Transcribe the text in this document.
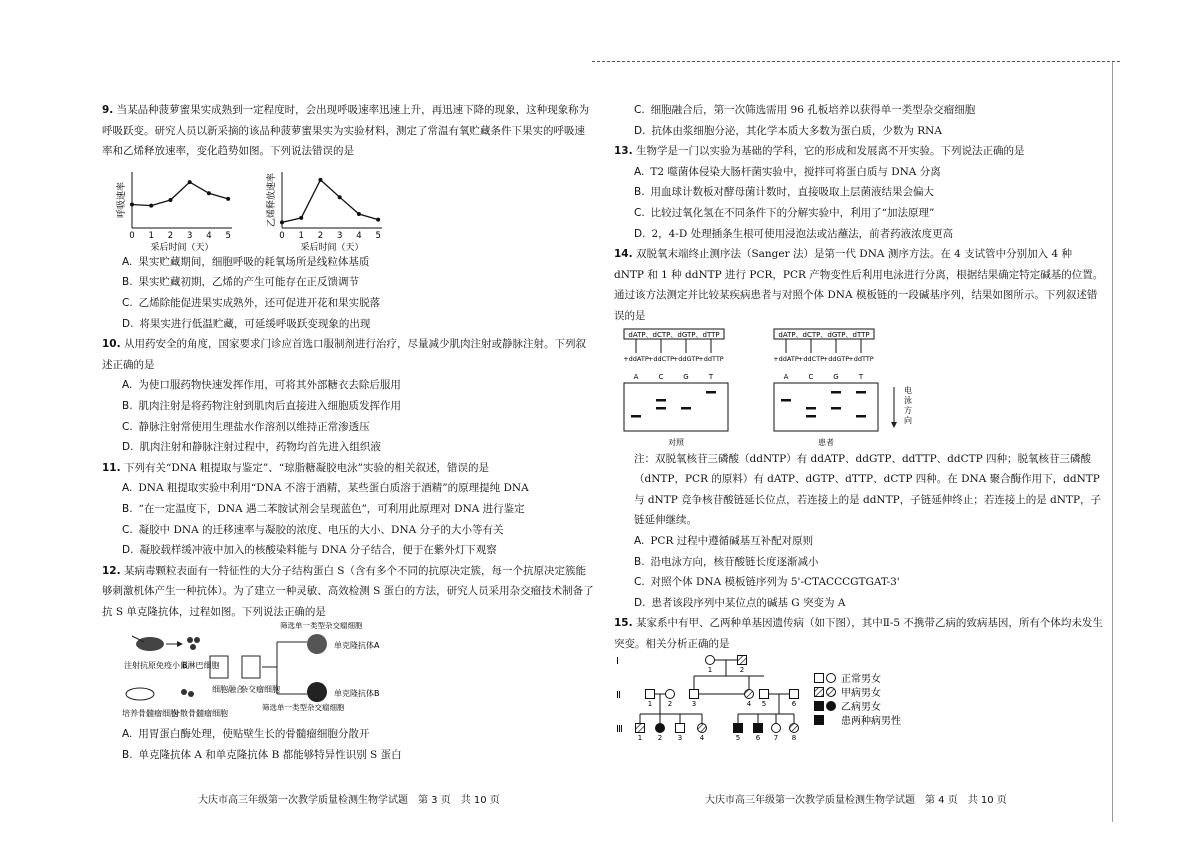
9. 当某品种菠萝蜜果实成熟到一定程度时，会出现呼吸速率迅速上升，再迅速下降的现象，这种现象称为呼吸跃变。研究人员以新采摘的该品种菠萝蜜果实为实验材料，测定了常温有氧贮藏条件下果实的呼吸速率和乙烯释放速率，变化趋势如图。下列说法错误的是
呼吸速率
0 1 2 3 4 5
采后时间（天）
乙烯释放速率
0 1 2 3 4 5
采后时间（天）

A. 果实贮藏期间，细胞呼吸的耗氧场所是线粒体基质

B. 果实贮藏初期，乙烯的产生可能存在正反馈调节

C. 乙烯除能促进果实成熟外，还可促进开花和果实脱落

D. 将果实进行低温贮藏，可延缓呼吸跃变现象的出现

10. 从用药安全的角度，国家要求门诊应首选口服制剂进行治疗，尽量减少肌肉注射或静脉注射。下列叙述正确的是

A. 为使口服药物快速发挥作用，可将其外部糖衣去除后服用

B. 肌肉注射是将药物注射到肌肉后直接进入细胞质发挥作用

C. 静脉注射常使用生理盐水作溶剂以维持正常渗透压

D. 肌肉注射和静脉注射过程中，药物均首先进入组织液

11. 下列有关“DNA 粗提取与鉴定”、“琼脂糖凝胶电泳”实验的相关叙述，错误的是

A. DNA 粗提取实验中利用“DNA 不溶于酒精，某些蛋白质溶于酒精”的原理提纯 DNA

B. “在一定温度下，DNA 遇二苯胺试剂会呈现蓝色”，可利用此原理对 DNA 进行鉴定

C. 凝胶中 DNA 的迁移速率与凝胶的浓度、电压的大小、DNA 分子的大小等有关

D. 凝胶载样缓冲液中加入的核酸染料能与 DNA 分子结合，便于在紫外灯下观察

12. 某病毒颗粒表面有一特征性的大分子结构蛋白 S（含有多个不同的抗原决定簇，每一个抗原决定簇能够刺激机体产生一种抗体）。为了建立一种灵敏、高效检测 S 蛋白的方法，研究人员采用杂交瘤技术制备了抗 S 单克隆抗体，过程如图。下列说法正确的是
注射抗原免疫小鼠
B淋巴细胞
培养骨髓瘤细胞
分散骨髓瘤细胞
细胞融合
杂交瘤细胞
筛选单一类型杂交瘤细胞
筛选单一类型杂交瘤细胞
单克隆抗体A
单克隆抗体B

A. 用胃蛋白酶处理，使贴壁生长的骨髓瘤细胞分散开

B. 单克隆抗体 A 和单克隆抗体 B 都能够特异性识别 S 蛋白

C. 细胞融合后，第一次筛选需用 96 孔板培养以获得单一类型杂交瘤细胞

D. 抗体由浆细胞分泌，其化学本质大多数为蛋白质，少数为 RNA

13. 生物学是一门以实验为基础的学科，它的形成和发展离不开实验。下列说法正确的是

A. T2 噬菌体侵染大肠杆菌实验中，搅拌可将蛋白质与 DNA 分离

B. 用血球计数板对酵母菌计数时，直接吸取上层菌液结果会偏大

C. 比较过氧化氢在不同条件下的分解实验中，利用了“加法原理”

D. 2，4-D 处理插条生根可使用浸泡法或沾蘸法，前者药液浓度更高

14. 双脱氧末端终止测序法（Sanger 法）是第一代 DNA 测序方法。在 4 支试管中分别加入 4 种 dNTP 和 1 种 ddNTP 进行 PCR，PCR 产物变性后利用电泳进行分离，根据结果确定特定碱基的位置。通过该方法测定并比较某疾病患者与对照个体 DNA 模板链的一段碱基序列，结果如图所示。下列叙述错误的是
dATP、dCTP、dGTP、dTTP
+ddATP
A
+ddCTP
C
+ddGTP
G
+ddTTP
T
对照
dATP、dCTP、dGTP、dTTP
+ddATP
A
+ddCTP
C
+ddGTP
G
+ddTTP
T
患者
电
泳
方
向
注：双脱氧核苷三磷酸（ddNTP）有 ddATP、ddGTP、ddTTP、ddCTP 四种；脱氧核苷三磷酸（dNTP，PCR 的原料）有 dATP、dGTP、dTTP、dCTP 四种。在 DNA 聚合酶作用下，ddNTP 与 dNTP 竞争核苷酸链延长位点，若连接上的是 ddNTP，子链延伸终止；若连接上的是 dNTP，子链延伸继续。

A. PCR 过程中遵循碱基互补配对原则

B. 沿电泳方向，核苷酸链长度逐渐减小

C. 对照个体 DNA 模板链序列为 5'-CTACCCGTGAT-3'

D. 患者该段序列中某位点的碱基 G 突变为 A

15. 某家系中有甲、乙两种单基因遗传病（如下图），其中Ⅱ-5 不携带乙病的致病基因，所有个体均未发生突变。相关分析正确的是
Ⅰ
Ⅱ
Ⅲ
1	2
1 2	3	4 5	6
1 2 3	4	5 6 7 8
正常男女
甲病男女
乙病男女
患两种病男性
大庆市高三年级第一次教学质量检测生物学试题　第 3 页　共 10 页	大庆市高三年级第一次教学质量检测生物学试题　第 4 页　共 10 页
